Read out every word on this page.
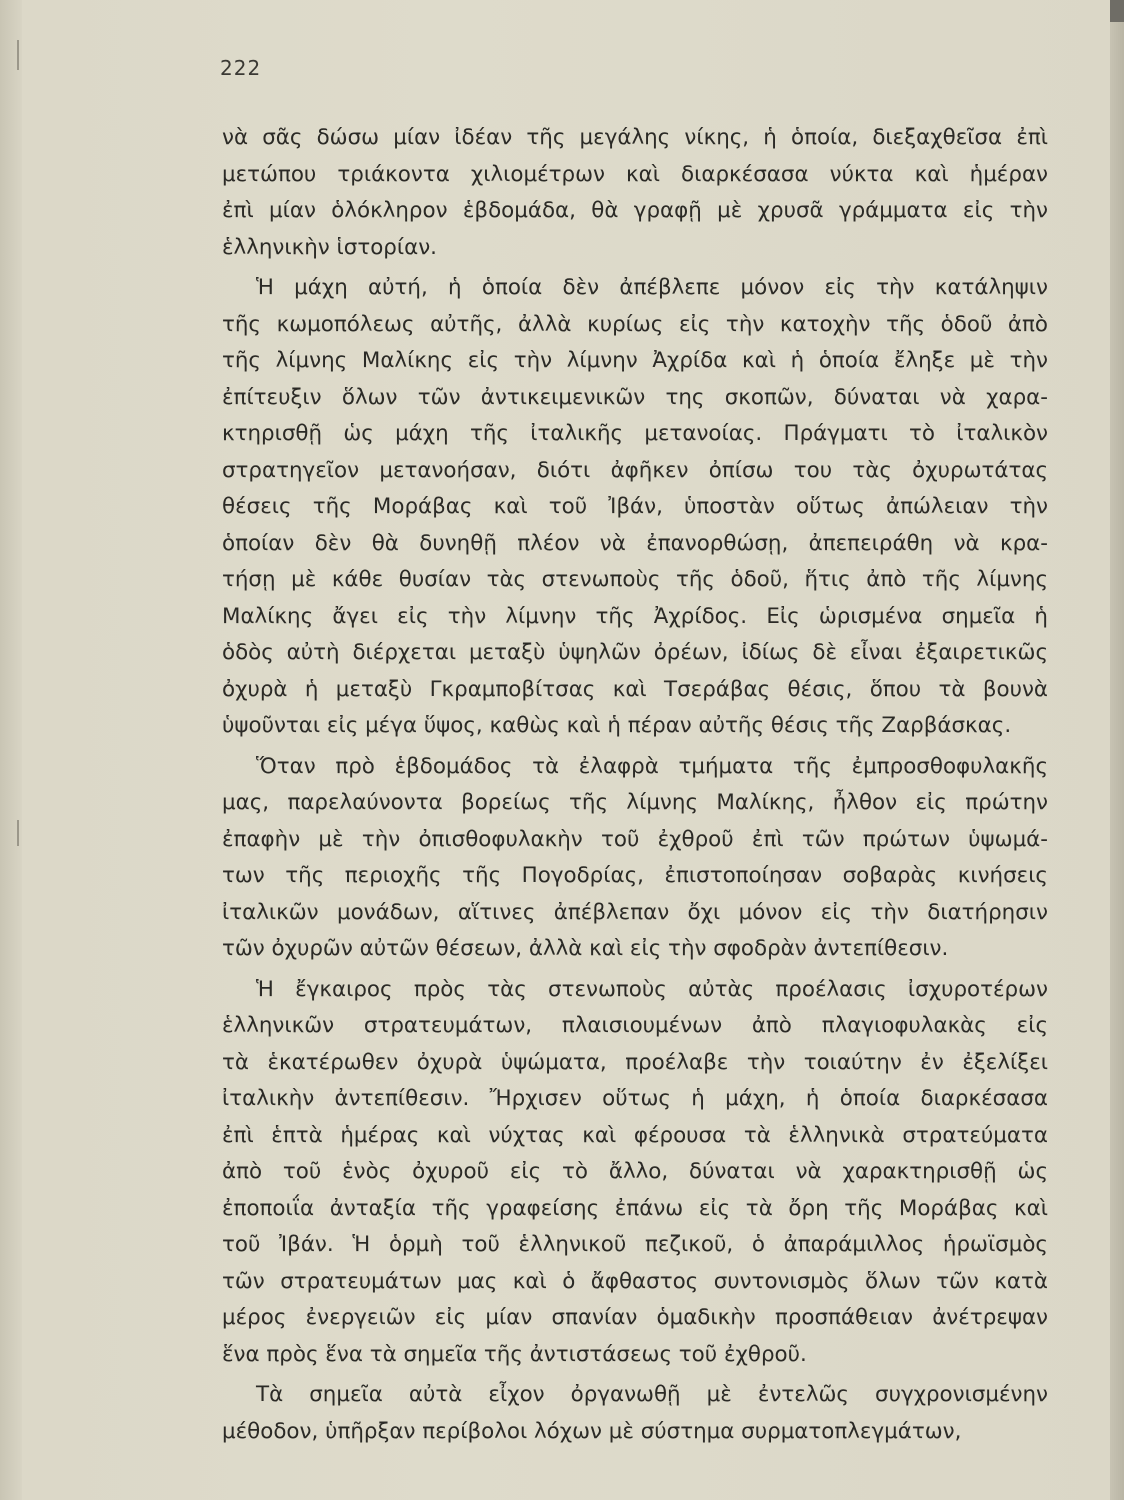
222
νὰ σᾶς δώσω μίαν ἰδέαν τῆς μεγάλης νίκης, ἡ ὁποία, διεξαχθεῖσα ἐπὶ
μετώπου τριάκοντα χιλιομέτρων καὶ διαρκέσασα νύκτα καὶ ἡμέραν
ἐπὶ μίαν ὁλόκληρον ἑβδομάδα, θὰ γραφῇ μὲ χρυσᾶ γράμματα εἰς τὴν
ἑλληνικὴν ἱστορίαν.
Ἡ μάχη αὐτή, ἡ ὁποία δὲν ἀπέβλεπε μόνον εἰς τὴν κατάληψιν
τῆς κωμοπόλεως αὐτῆς, ἀλλὰ κυρίως εἰς τὴν κατοχὴν τῆς ὁδοῦ ἀπὸ
τῆς λίμνης Μαλίκης εἰς τὴν λίμνην Ἀχρίδα καὶ ἡ ὁποία ἔληξε μὲ τὴν
ἐπίτευξιν ὅλων τῶν ἀντικειμενικῶν της σκοπῶν, δύναται νὰ χαρα-
κτηρισθῇ ὡς μάχη τῆς ἰταλικῆς μετανοίας. Πράγματι τὸ ἰταλικὸν
στρατηγεῖον μετανοήσαν, διότι ἀφῆκεν ὀπίσω του τὰς ὀχυρωτάτας
θέσεις τῆς Μοράβας καὶ τοῦ Ἰβάν, ὑποστὰν οὕτως ἀπώλειαν τὴν
ὁποίαν δὲν θὰ δυνηθῇ πλέον νὰ ἐπανορθώσῃ, ἀπεπειράθη νὰ κρα-
τήσῃ μὲ κάθε θυσίαν τὰς στενωποὺς τῆς ὁδοῦ, ἥτις ἀπὸ τῆς λίμνης
Μαλίκης ἄγει εἰς τὴν λίμνην τῆς Ἀχρίδος. Εἰς ὡρισμένα σημεῖα ἡ
ὁδὸς αὐτὴ διέρχεται μεταξὺ ὑψηλῶν ὀρέων, ἰδίως δὲ εἶναι ἐξαιρετικῶς
ὀχυρὰ ἡ μεταξὺ Γκραμποβίτσας καὶ Τσεράβας θέσις, ὅπου τὰ βουνὰ
ὑψοῦνται εἰς μέγα ὕψος, καθὼς καὶ ἡ πέραν αὐτῆς θέσις τῆς Ζαρβάσκας.
Ὅταν πρὸ ἑβδομάδος τὰ ἐλαφρὰ τμήματα τῆς ἐμπροσθοφυλακῆς
μας, παρελαύνοντα βορείως τῆς λίμνης Μαλίκης, ἦλθον εἰς πρώτην
ἐπαφὴν μὲ τὴν ὀπισθοφυλακὴν τοῦ ἐχθροῦ ἐπὶ τῶν πρώτων ὑψωμά-
των τῆς περιοχῆς τῆς Πογοδρίας, ἐπιστοποίησαν σοβαρὰς κινήσεις
ἰταλικῶν μονάδων, αἵτινες ἀπέβλεπαν ὄχι μόνον εἰς τὴν διατήρησιν
τῶν ὀχυρῶν αὐτῶν θέσεων, ἀλλὰ καὶ εἰς τὴν σφοδρὰν ἀντεπίθεσιν.
Ἡ ἔγκαιρος πρὸς τὰς στενωποὺς αὐτὰς προέλασις ἰσχυροτέρων
ἑλληνικῶν στρατευμάτων, πλαισιουμένων ἀπὸ πλαγιοφυλακὰς εἰς
τὰ ἑκατέρωθεν ὀχυρὰ ὑψώματα, προέλαβε τὴν τοιαύτην ἐν ἐξελίξει
ἰταλικὴν ἀντεπίθεσιν. Ἤρχισεν οὕτως ἡ μάχη, ἡ ὁποία διαρκέσασα
ἐπὶ ἑπτὰ ἡμέρας καὶ νύχτας καὶ φέρουσα τὰ ἑλληνικὰ στρατεύματα
ἀπὸ τοῦ ἑνὸς ὀχυροῦ εἰς τὸ ἄλλο, δύναται νὰ χαρακτηρισθῇ ὡς
ἐποποιΐα ἀνταξία τῆς γραφείσης ἐπάνω εἰς τὰ ὄρη τῆς Μοράβας καὶ
τοῦ Ἰβάν. Ἡ ὁρμὴ τοῦ ἑλληνικοῦ πεζικοῦ, ὁ ἀπαράμιλλος ἡρωϊσμὸς
τῶν στρατευμάτων μας καὶ ὁ ἄφθαστος συντονισμὸς ὅλων τῶν κατὰ
μέρος ἐνεργειῶν εἰς μίαν σπανίαν ὁμαδικὴν προσπάθειαν ἀνέτρεψαν
ἕνα πρὸς ἕνα τὰ σημεῖα τῆς ἀντιστάσεως τοῦ ἐχθροῦ.
Τὰ σημεῖα αὐτὰ εἶχον ὀργανωθῇ μὲ ἐντελῶς συγχρονισμένην
μέθοδον, ὑπῆρξαν περίβολοι λόχων μὲ σύστημα συρματοπλεγμάτων,
